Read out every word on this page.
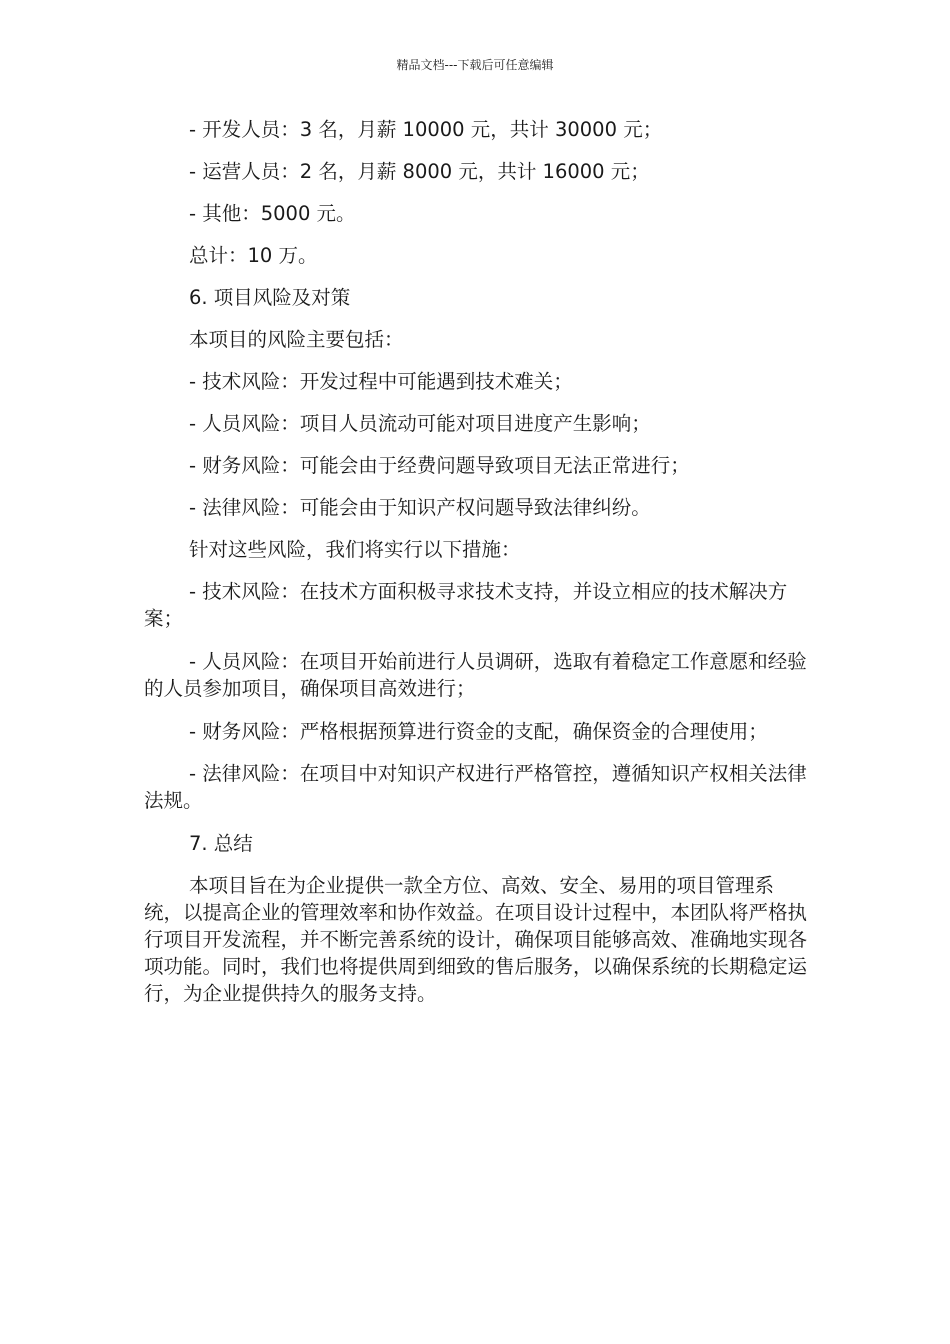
精品文档---下载后可任意编辑

- 开发人员：3 名，月薪 10000 元，共计 30000 元；

- 运营人员：2 名，月薪 8000 元，共计 16000 元；

- 其他：5000 元。

总计：10 万。

6. 项目风险及对策

本项目的风险主要包括：

- 技术风险：开发过程中可能遇到技术难关；

- 人员风险：项目人员流动可能对项目进度产生影响；

- 财务风险：可能会由于经费问题导致项目无法正常进行；

- 法律风险：可能会由于知识产权问题导致法律纠纷。

针对这些风险，我们将实行以下措施：

- 技术风险：在技术方面积极寻求技术支持，并设立相应的技术解决方案；

- 人员风险：在项目开始前进行人员调研，选取有着稳定工作意愿和经验的人员参加项目，确保项目高效进行；

- 财务风险：严格根据预算进行资金的支配，确保资金的合理使用；

- 法律风险：在项目中对知识产权进行严格管控，遵循知识产权相关法律法规。

7. 总结

本项目旨在为企业提供一款全方位、高效、安全、易用的项目管理系统，以提高企业的管理效率和协作效益。在项目设计过程中，本团队将严格执行项目开发流程，并不断完善系统的设计，确保项目能够高效、准确地实现各项功能。同时，我们也将提供周到细致的售后服务，以确保系统的长期稳定运行，为企业提供持久的服务支持。
